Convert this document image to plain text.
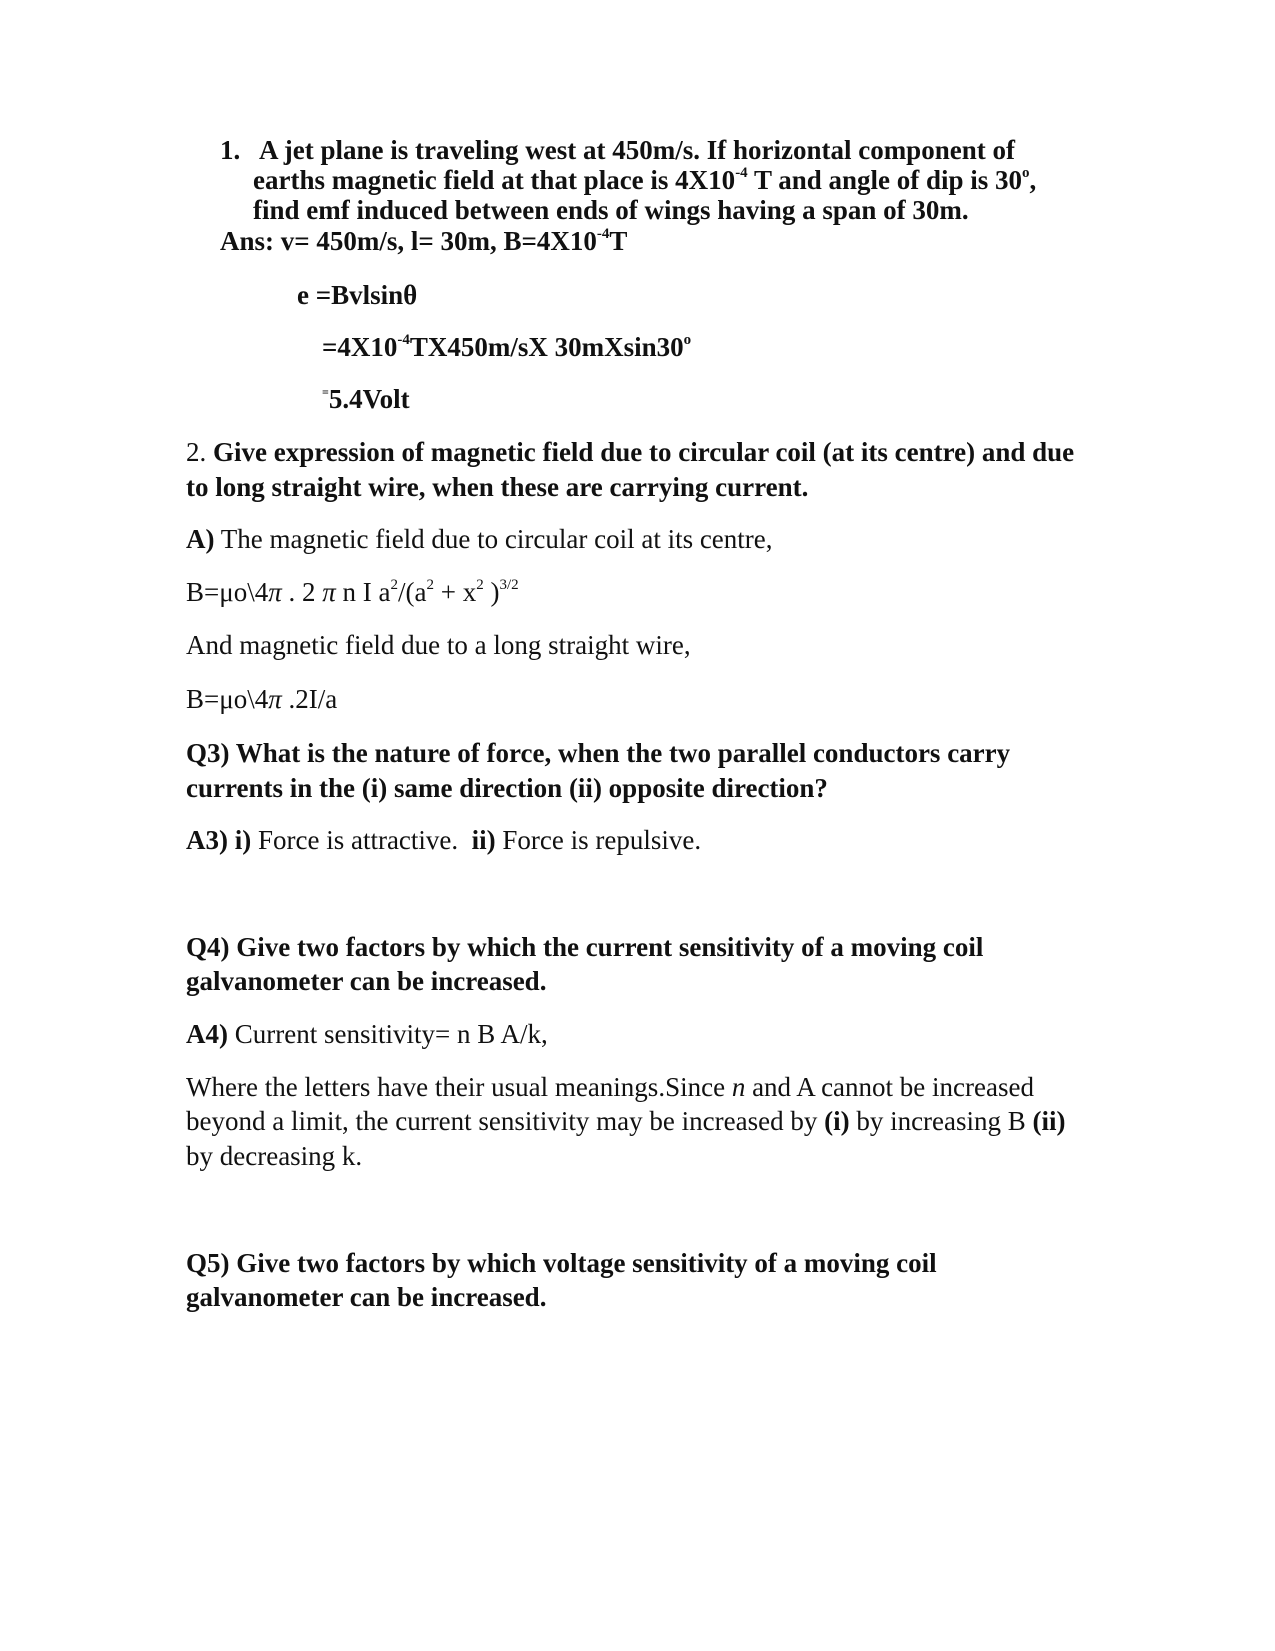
1. A jet plane is traveling west at 450m/s. If horizontal component of
earths magnetic field at that place is $4X10^{-4}$ T and angle of dip is 30$^o$,
find emf induced between ends of wings having a span of 30m.
Ans: v= 450m/s, l= 30m, $B=4X10^{-4}T$
e =Bvlsinθ
$=4X10^{-4}TX450m/sX$ 30mXsin30$^o$
=5.4Volt
2. Give expression of magnetic field due to circular coil (at its centre) and due
to long straight wire, when these are carrying current.
A) The magnetic field due to circular coil at its centre,
B=μo\4π . 2 π n I $a^2/(a^2 + x^2$ )$^{3/2}$
And magnetic field due to a long straight wire,
B=μo\4π .2I/a
Q3) What is the nature of force, when the two parallel conductors carry
currents in the (i) same direction (ii) opposite direction?
A3) i) Force is attractive.  ii) Force is repulsive.
Q4) Give two factors by which the current sensitivity of a moving coil
galvanometer can be increased.
A4) Current sensitivity= n B A/k,
Where the letters have their usual meanings.Since n and A cannot be increased
beyond a limit, the current sensitivity may be increased by (i) by increasing B (ii)
by decreasing k.
Q5) Give two factors by which voltage sensitivity of a moving coil
galvanometer can be increased.
